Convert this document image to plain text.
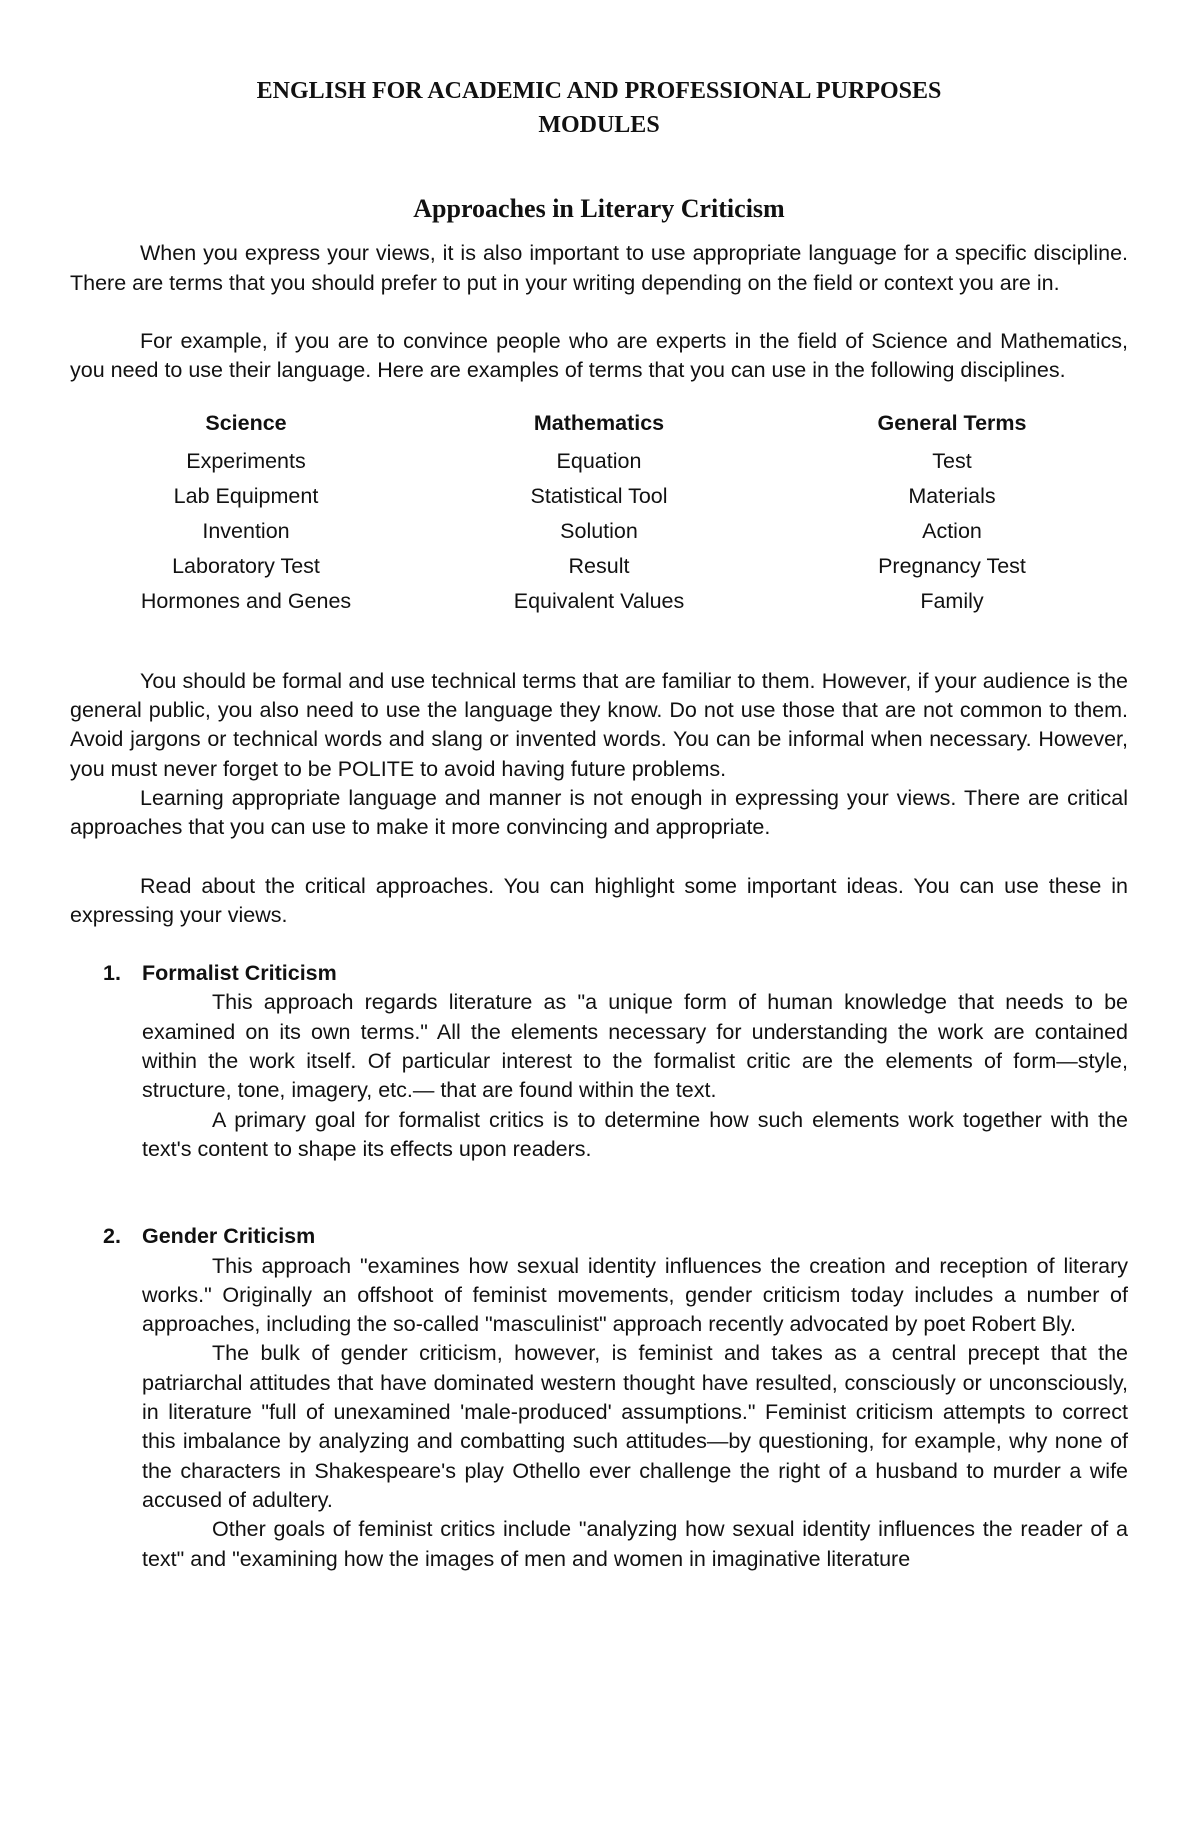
ENGLISH FOR ACADEMIC AND PROFESSIONAL PURPOSES
MODULES
Approaches in Literary Criticism

When you express your views, it is also important to use appropriate language for a specific discipline. There are terms that you should prefer to put in your writing depending on the field or context you are in.

For example, if you are to convince people who are experts in the field of Science and Mathematics, you need to use their language. Here are examples of terms that you can use in the following disciplines.

Science
Experiments
Lab Equipment
Invention
Laboratory Test
Hormones and Genes
Mathematics
Equation
Statistical Tool
Solution
Result
Equivalent Values
General Terms
Test
Materials
Action
Pregnancy Test
Family

You should be formal and use technical terms that are familiar to them. However, if your audience is the general public, you also need to use the language they know. Do not use those that are not common to them. Avoid jargons or technical words and slang or invented words. You can be informal when necessary. However, you must never forget to be POLITE to avoid having future problems.

Learning appropriate language and manner is not enough in expressing your views. There are critical approaches that you can use to make it more convincing and appropriate.

Read about the critical approaches. You can highlight some important ideas. You can use these in expressing your views.

1. Formalist Criticism

This approach regards literature as "a unique form of human knowledge that needs to be examined on its own terms." All the elements necessary for understanding the work are contained within the work itself. Of particular interest to the formalist critic are the elements of form—style, structure, tone, imagery, etc.— that are found within the text.

A primary goal for formalist critics is to determine how such elements work together with the text's content to shape its effects upon readers.

2. Gender Criticism

This approach "examines how sexual identity influences the creation and reception of literary works." Originally an offshoot of feminist movements, gender criticism today includes a number of approaches, including the so-called "masculinist" approach recently advocated by poet Robert Bly.

The bulk of gender criticism, however, is feminist and takes as a central precept that the patriarchal attitudes that have dominated western thought have resulted, consciously or unconsciously, in literature "full of unexamined 'male-produced' assumptions." Feminist criticism attempts to correct this imbalance by analyzing and combatting such attitudes—by questioning, for example, why none of the characters in Shakespeare's play Othello ever challenge the right of a husband to murder a wife accused of adultery.

Other goals of feminist critics include "analyzing how sexual identity influences the reader of a text" and "examining how the images of men and women in imaginative literature
